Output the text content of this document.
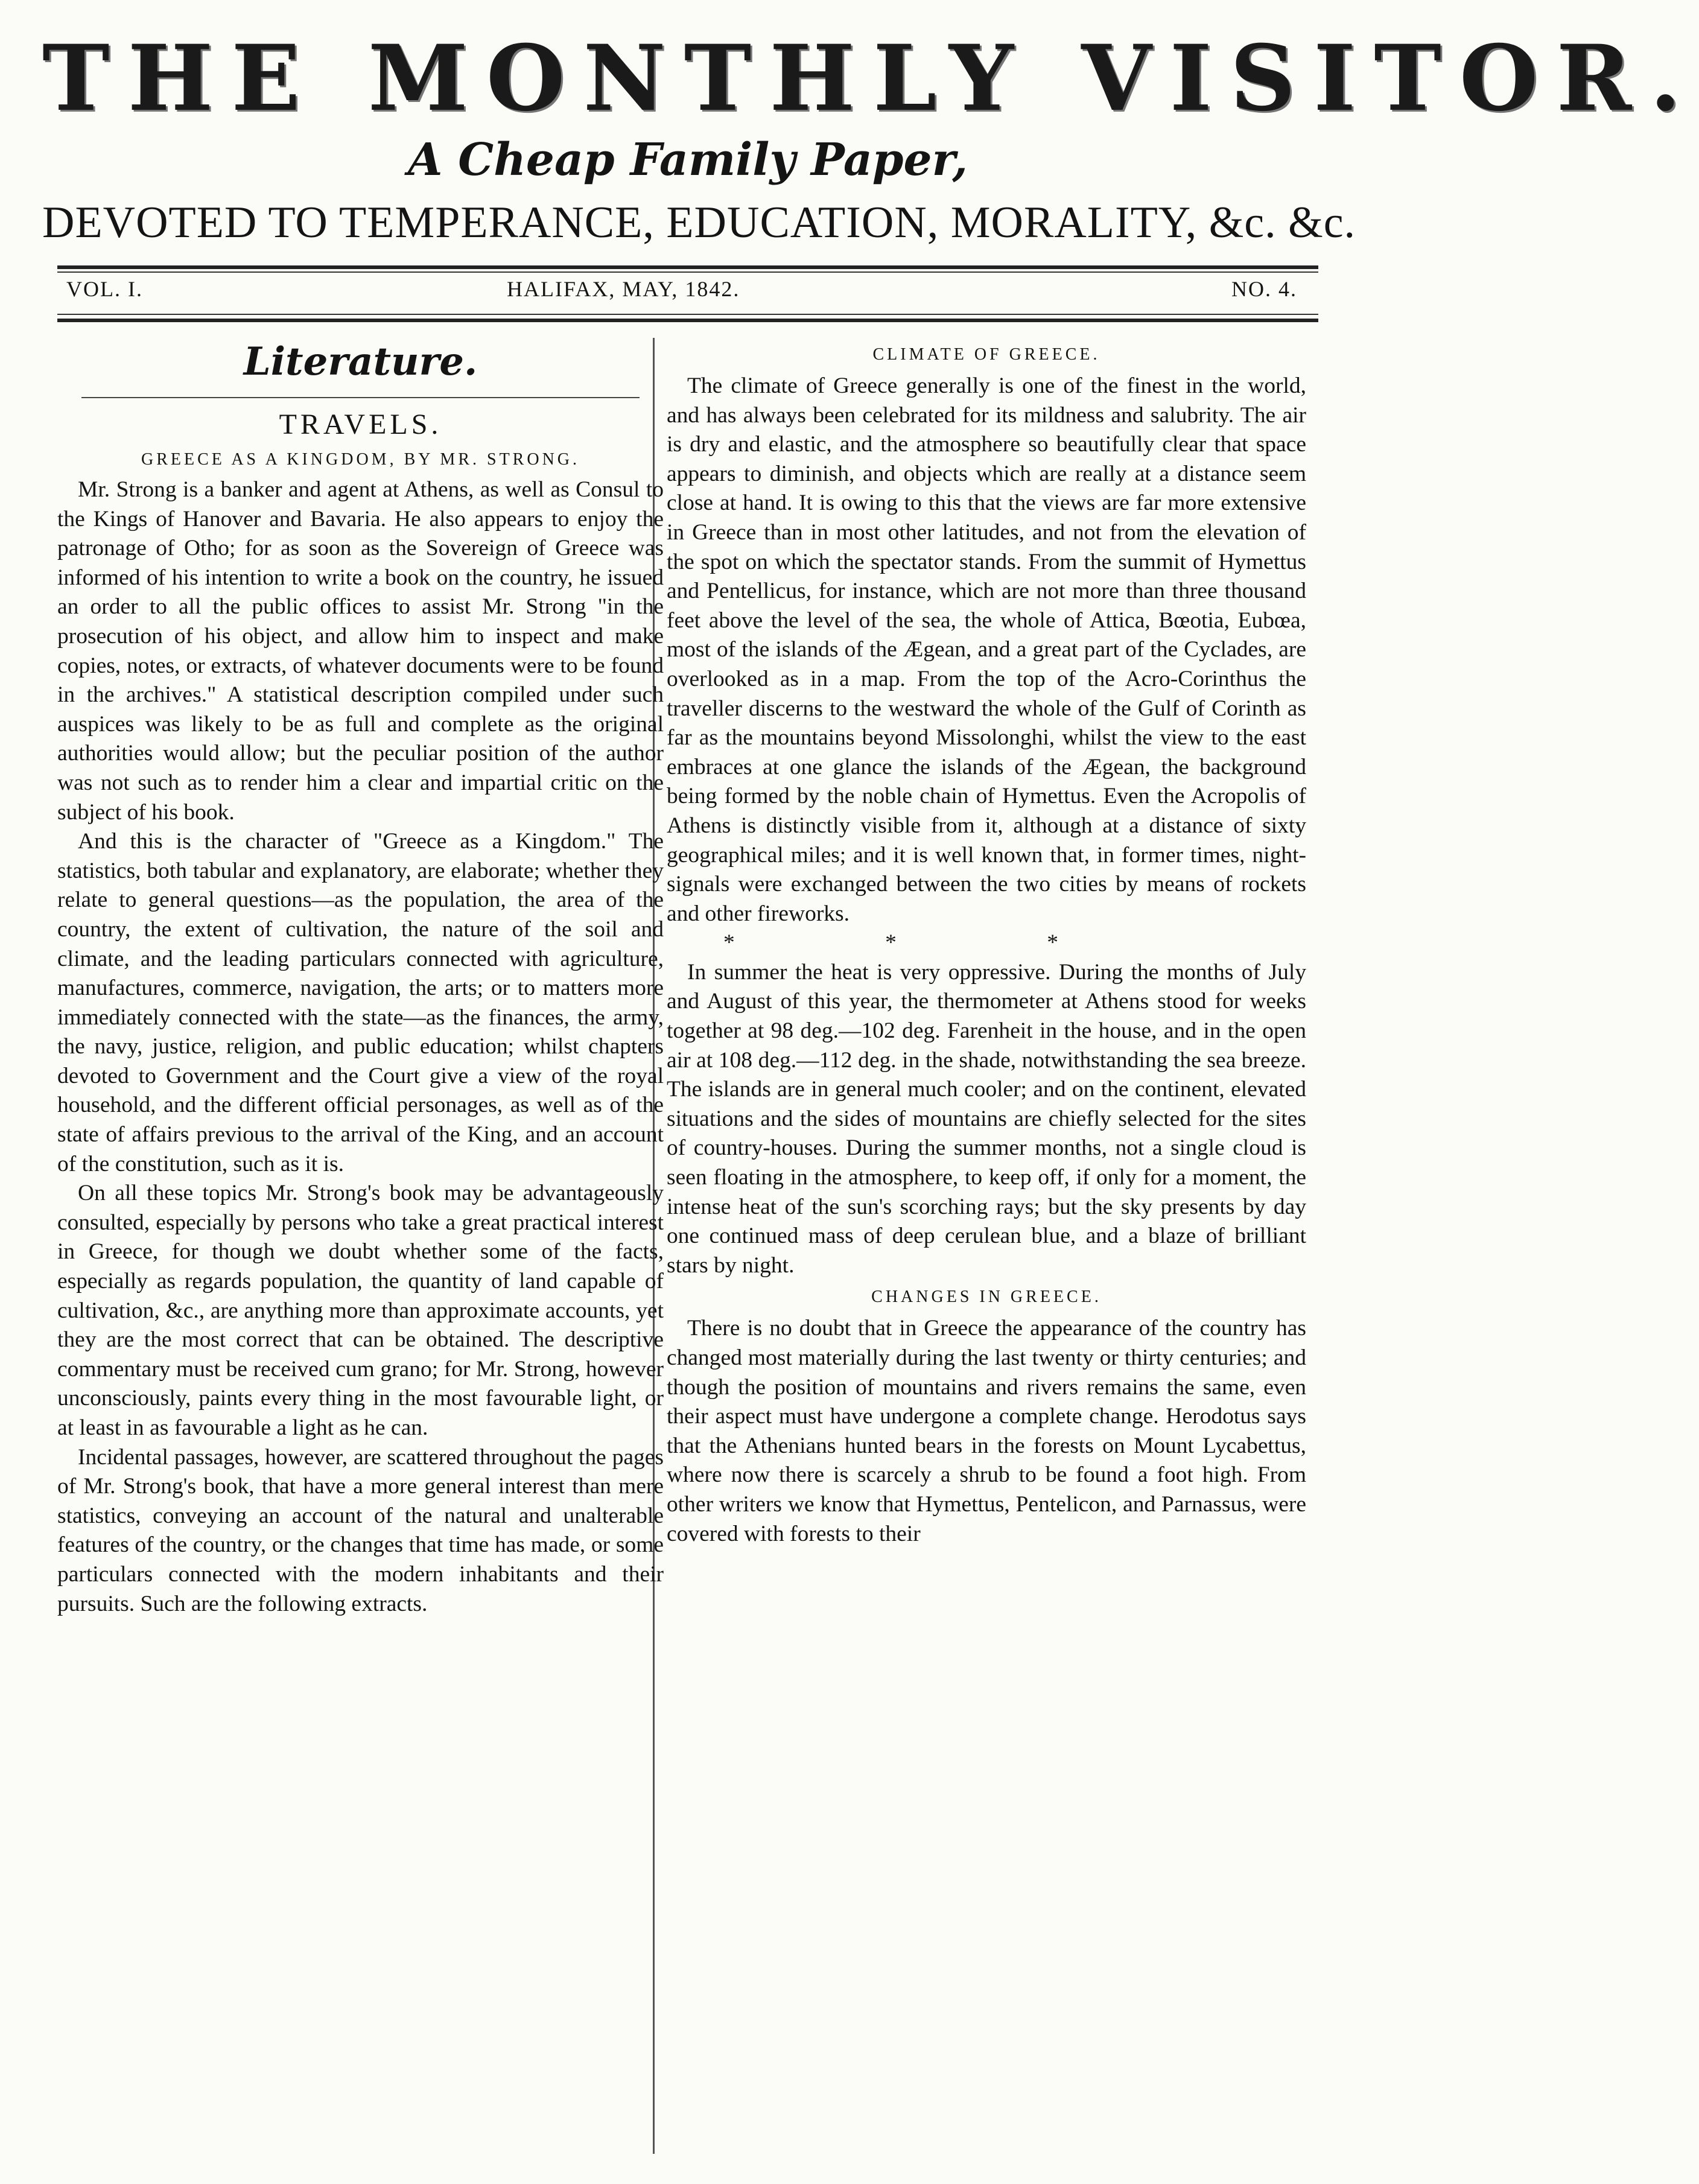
THE MONTHLY VISITOR.
A Cheap Family Paper,
DEVOTED TO TEMPERANCE, EDUCATION, MORALITY, &c. &c.
VOL. I.	HALIFAX, MAY, 1842.	NO. 4.
Literature.
TRAVELS.
GREECE AS A KINGDOM, BY MR. STRONG.

Mr. Strong is a banker and agent at Athens, as well as Consul to the Kings of Hanover and Bavaria. He also appears to enjoy the patronage of Otho; for as soon as the Sovereign of Greece was informed of his intention to write a book on the country, he issued an order to all the public offices to assist Mr. Strong "in the prosecution of his object, and allow him to inspect and make copies, notes, or extracts, of whatever documents were to be found in the archives." A statistical description compiled under such auspices was likely to be as full and complete as the original authorities would allow; but the peculiar position of the author was not such as to render him a clear and impartial critic on the subject of his book.

And this is the character of "Greece as a Kingdom." The statistics, both tabular and explanatory, are elaborate; whether they relate to general questions—as the population, the area of the country, the extent of cultivation, the nature of the soil and climate, and the leading particulars connected with agriculture, manufactures, commerce, navigation, the arts; or to matters more immediately connected with the state—as the finances, the army, the navy, justice, religion, and public education; whilst chapters devoted to Government and the Court give a view of the royal household, and the different official personages, as well as of the state of affairs previous to the arrival of the King, and an account of the constitution, such as it is.

On all these topics Mr. Strong's book may be advantageously consulted, especially by persons who take a great practical interest in Greece, for though we doubt whether some of the facts, especially as regards population, the quantity of land capable of cultivation, &c., are anything more than approximate accounts, yet they are the most correct that can be obtained. The descriptive commentary must be received cum grano; for Mr. Strong, however unconsciously, paints every thing in the most favourable light, or at least in as favourable a light as he can.

Incidental passages, however, are scattered throughout the pages of Mr. Strong's book, that have a more general interest than mere statistics, conveying an account of the natural and unalterable features of the country, or the changes that time has made, or some particulars connected with the modern inhabitants and their pursuits. Such are the following extracts.

CLIMATE OF GREECE.

The climate of Greece generally is one of the finest in the world, and has always been celebrated for its mildness and salubrity. The air is dry and elastic, and the atmosphere so beautifully clear that space appears to diminish, and objects which are really at a distance seem close at hand. It is owing to this that the views are far more extensive in Greece than in most other latitudes, and not from the elevation of the spot on which the spectator stands. From the summit of Hymettus and Pentellicus, for instance, which are not more than three thousand feet above the level of the sea, the whole of Attica, Bœotia, Eubœa, most of the islands of the Ægean, and a great part of the Cyclades, are overlooked as in a map. From the top of the Acro-Corinthus the traveller discerns to the westward the whole of the Gulf of Corinth as far as the mountains beyond Missolonghi, whilst the view to the east embraces at one glance the islands of the Ægean, the background being formed by the noble chain of Hymettus. Even the Acropolis of Athens is distinctly visible from it, although at a distance of sixty geographical miles; and it is well known that, in former times, night-signals were exchanged between the two cities by means of rockets and other fireworks.

* * *

In summer the heat is very oppressive. During the months of July and August of this year, the thermometer at Athens stood for weeks together at 98 deg.—102 deg. Farenheit in the house, and in the open air at 108 deg.—112 deg. in the shade, notwithstanding the sea breeze. The islands are in general much cooler; and on the continent, elevated situations and the sides of mountains are chiefly selected for the sites of country-houses. During the summer months, not a single cloud is seen floating in the atmosphere, to keep off, if only for a moment, the intense heat of the sun's scorching rays; but the sky presents by day one continued mass of deep cerulean blue, and a blaze of brilliant stars by night.

CHANGES IN GREECE.

There is no doubt that in Greece the appearance of the country has changed most materially during the last twenty or thirty centuries; and though the position of mountains and rivers remains the same, even their aspect must have undergone a complete change. Herodotus says that the Athenians hunted bears in the forests on Mount Lycabettus, where now there is scarcely a shrub to be found a foot high. From other writers we know that Hymettus, Pentelicon, and Parnassus, were covered with forests to their
